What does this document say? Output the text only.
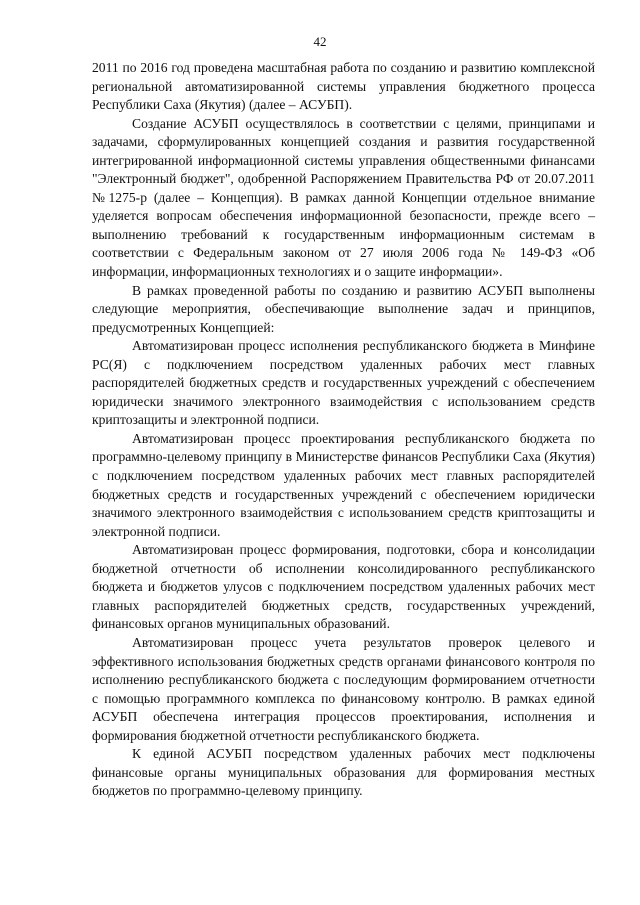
42

2011 по 2016 год проведена масштабная работа по созданию и развитию комплексной региональной автоматизированной системы управления бюджетного процесса Республики Саха (Якутия) (далее – АСУБП).

Создание АСУБП осуществлялось в соответствии с целями, принципами и задачами, сформулированных концепцией создания и развития государственной интегрированной информационной системы управления общественными финансами "Электронный бюджет", одобренной Распоряжением Правительства РФ от 20.07.2011 №1275-р (далее – Концепция). В рамках данной Концепции отдельное внимание уделяется вопросам обеспечения информационной безопасности, прежде всего – выполнению требований к государственным информационным системам в соответствии с Федеральным законом от 27 июля 2006 года № 149-ФЗ «Об информации, информационных технологиях и о защите информации».

В рамках проведенной работы по созданию и развитию АСУБП выполнены следующие мероприятия, обеспечивающие выполнение задач и принципов, предусмотренных Концепцией:

Автоматизирован процесс исполнения республиканского бюджета в Минфине РС(Я) с подключением посредством удаленных рабочих мест главных распорядителей бюджетных средств и государственных учреждений с обеспечением юридически значимого электронного взаимодействия с использованием средств криптозащиты и электронной подписи.

Автоматизирован процесс проектирования республиканского бюджета по программно-целевому принципу в Министерстве финансов Республики Саха (Якутия) с подключением посредством удаленных рабочих мест главных распорядителей бюджетных средств и государственных учреждений с обеспечением юридически значимого электронного взаимодействия с использованием средств криптозащиты и электронной подписи.

Автоматизирован процесс формирования, подготовки, сбора и консолидации бюджетной отчетности об исполнении консолидированного республиканского бюджета и бюджетов улусов с подключением посредством удаленных рабочих мест главных распорядителей бюджетных средств, государственных учреждений, финансовых органов муниципальных образований.

Автоматизирован процесс учета результатов проверок целевого и эффективного использования бюджетных средств органами финансового контроля по исполнению республиканского бюджета с последующим формированием отчетности с помощью программного комплекса по финансовому контролю. В рамках единой АСУБП обеспечена интеграция процессов проектирования, исполнения и формирования бюджетной отчетности республиканского бюджета.

К единой АСУБП посредством удаленных рабочих мест подключены финансовые органы муниципальных образования для формирования местных бюджетов по программно-целевому принципу.
